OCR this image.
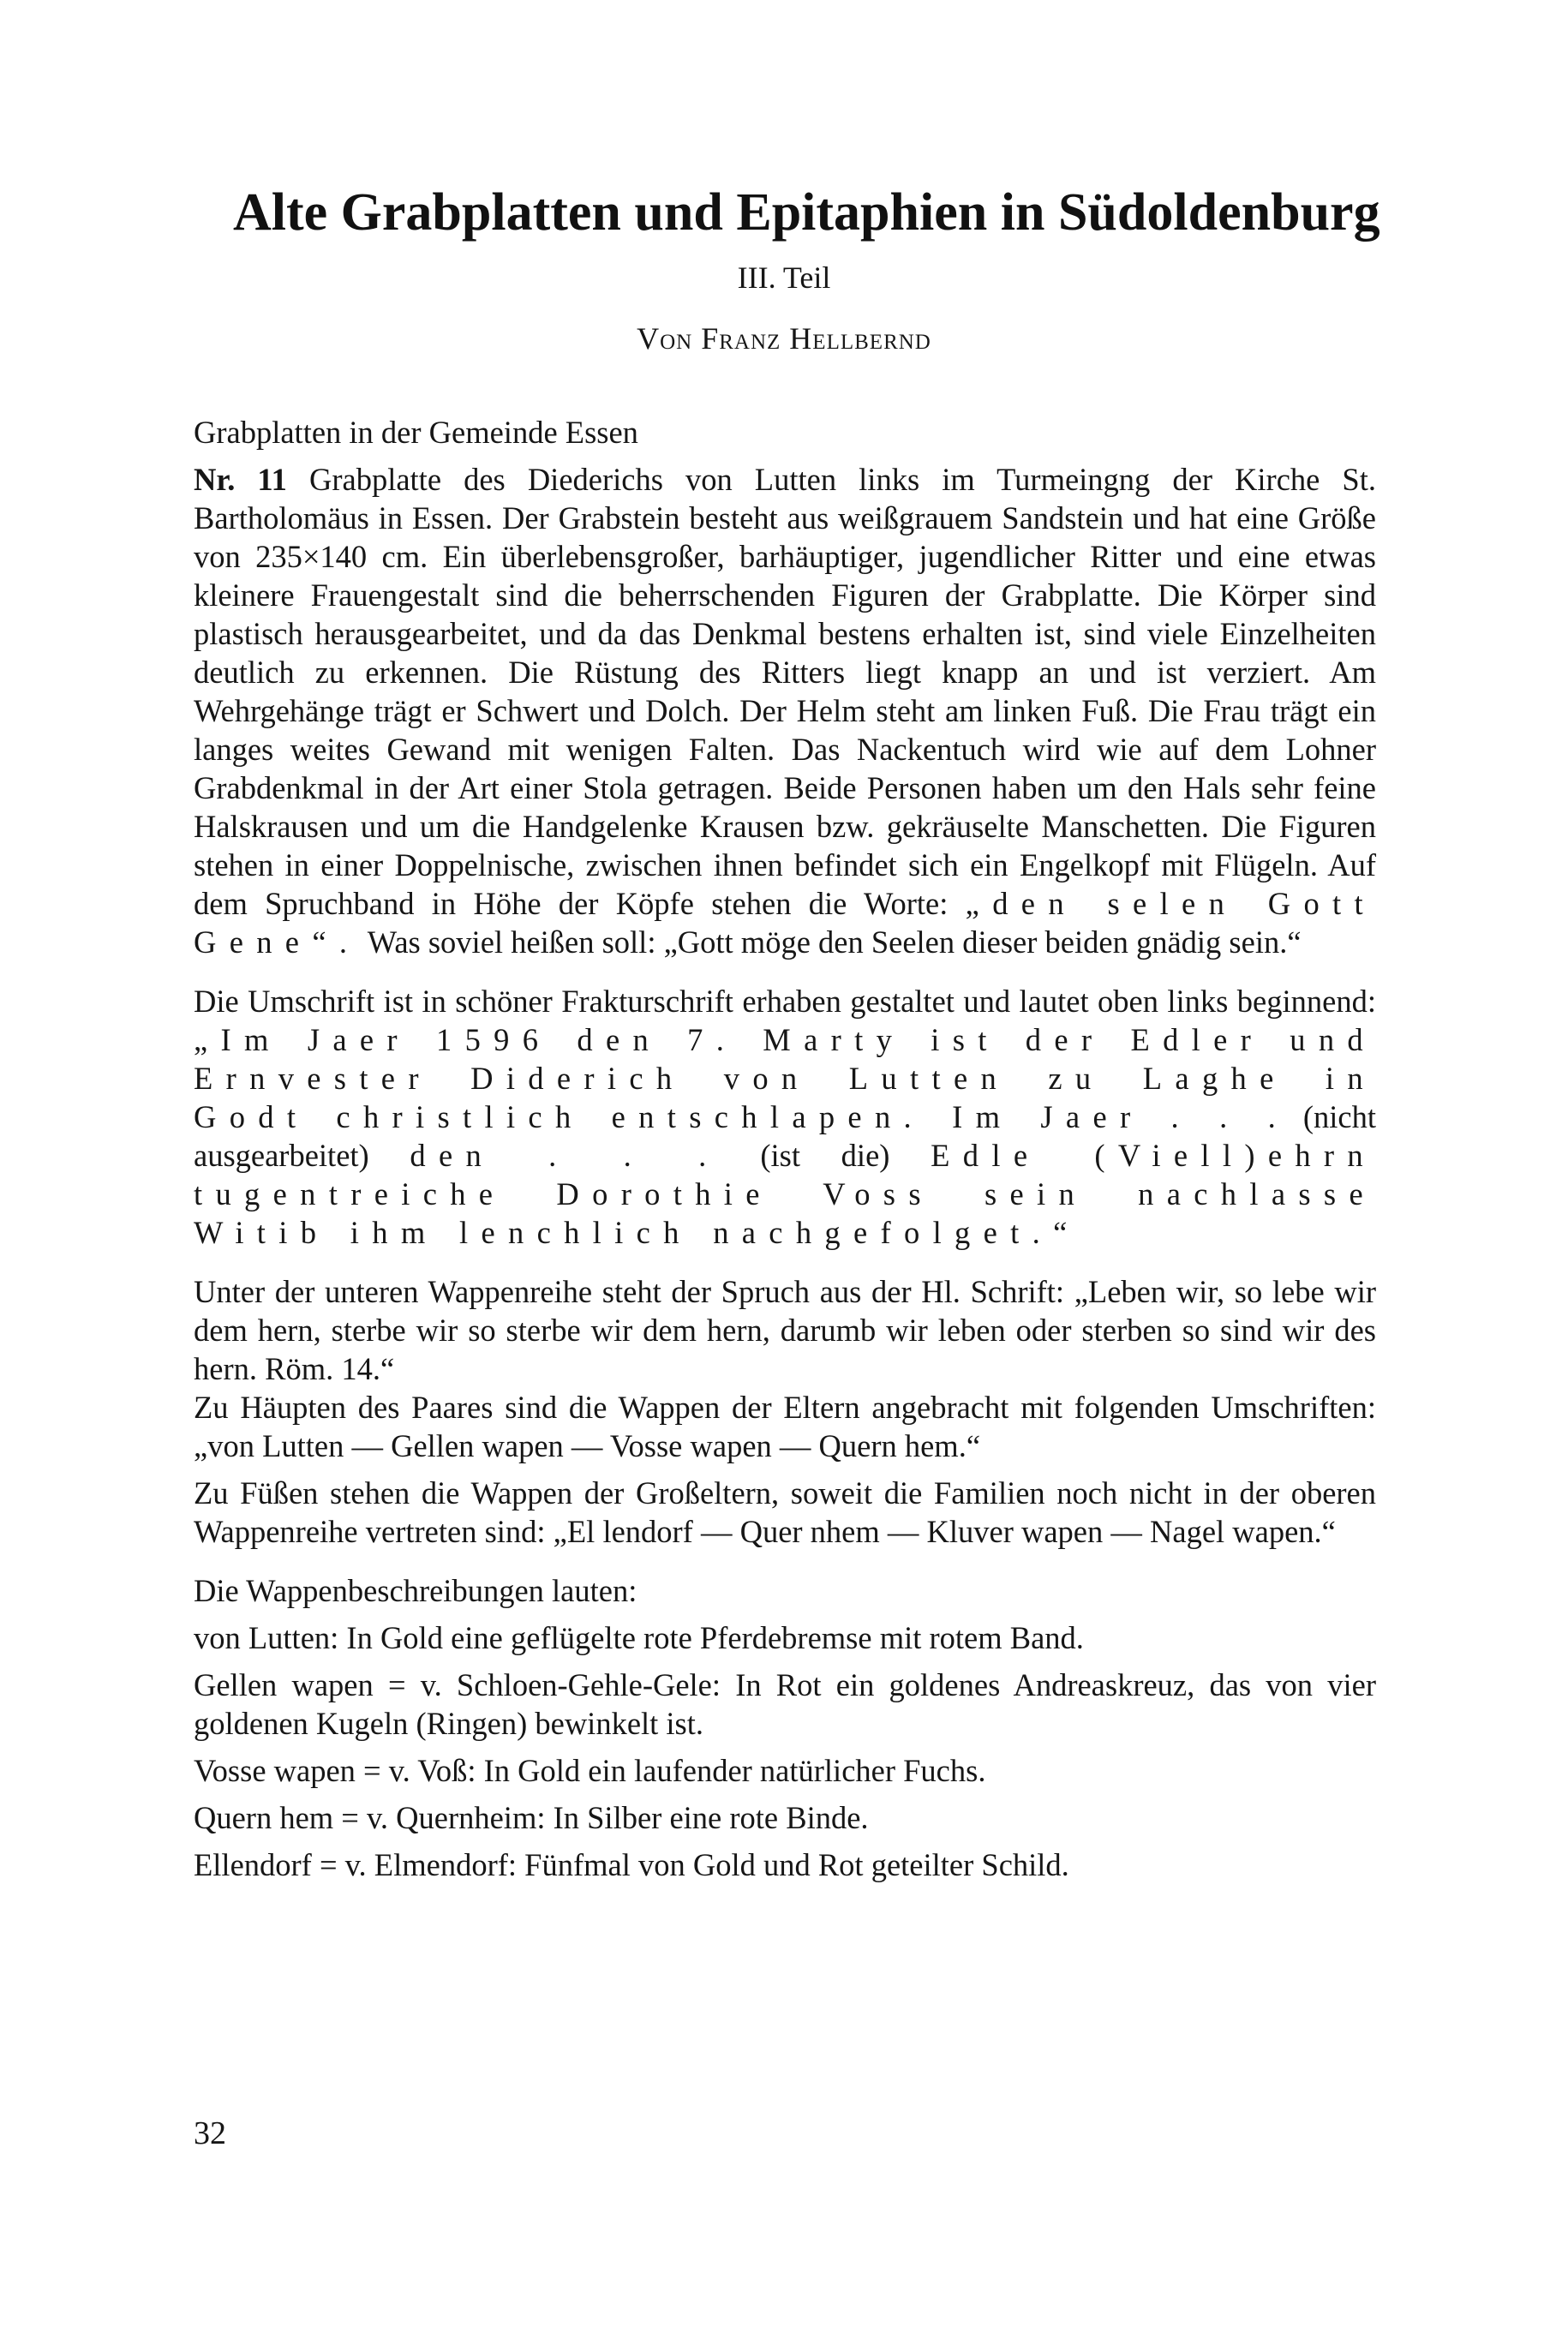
Alte Grabplatten und Epitaphien in Südoldenburg

III. Teil

Von Franz Hellbernd

Grabplatten in der Gemeinde Essen

Nr. 11 Grabplatte des Diederichs von Lutten links im Turmeingng der Kirche St. Bartholomäus in Essen. Der Grabstein besteht aus weißgrauem Sandstein und hat eine Größe von 235×140 cm. Ein überlebensgroßer, barhäuptiger, jugendlicher Ritter und eine etwas kleinere Frauengestalt sind die beherrschenden Figuren der Grabplatte. Die Körper sind plastisch herausgearbeitet, und da das Denkmal bestens erhalten ist, sind viele Einzelheiten deutlich zu erkennen. Die Rüstung des Ritters liegt knapp an und ist verziert. Am Wehrgehänge trägt er Schwert und Dolch. Der Helm steht am linken Fuß. Die Frau trägt ein langes weites Gewand mit wenigen Falten. Das Nackentuch wird wie auf dem Lohner Grabdenkmal in der Art einer Stola getragen. Beide Personen haben um den Hals sehr feine Halskrausen und um die Handgelenke Krausen bzw. gekräuselte Manschetten. Die Figuren stehen in einer Doppelnische, zwischen ihnen befindet sich ein Engelkopf mit Flügeln. Auf dem Spruchband in Höhe der Köpfe stehen die Worte: „den selen Gott Gene“. Was soviel heißen soll: „Gott möge den Seelen dieser beiden gnädig sein.“

Die Umschrift ist in schöner Frakturschrift erhaben gestaltet und lautet oben links beginnend: „Im Jaer 1596 den 7. Marty ist der Edler und Ernvester Diderich von Lutten zu Laghe in Godt christlich entschlapen. Im Jaer . . . (nicht ausgearbeitet) den . . . (ist die) Edle (Viell)ehrn tugentreiche Dorothie Voss sein nachlasse Witib ihm lenchlich nachgefolget.“

Unter der unteren Wappenreihe steht der Spruch aus der Hl. Schrift: „Leben wir, so lebe wir dem hern, sterbe wir so sterbe wir dem hern, darumb wir leben oder sterben so sind wir des hern. Röm. 14.“

Zu Häupten des Paares sind die Wappen der Eltern angebracht mit folgenden Umschriften: „von Lutten — Gellen wapen — Vosse wapen — Quern hem.“

Zu Füßen stehen die Wappen der Großeltern, soweit die Familien noch nicht in der oberen Wappenreihe vertreten sind: „El lendorf — Quer nhem — Kluver wapen — Nagel wapen.“

Die Wappenbeschreibungen lauten:

von Lutten: In Gold eine geflügelte rote Pferdebremse mit rotem Band.

Gellen wapen = v. Schloen-Gehle-Gele: In Rot ein goldenes Andreaskreuz, das von vier goldenen Kugeln (Ringen) bewinkelt ist.

Vosse wapen = v. Voß: In Gold ein laufender natürlicher Fuchs.

Quern hem = v. Quernheim: In Silber eine rote Binde.

Ellendorf = v. Elmendorf: Fünfmal von Gold und Rot geteilter Schild.

32
